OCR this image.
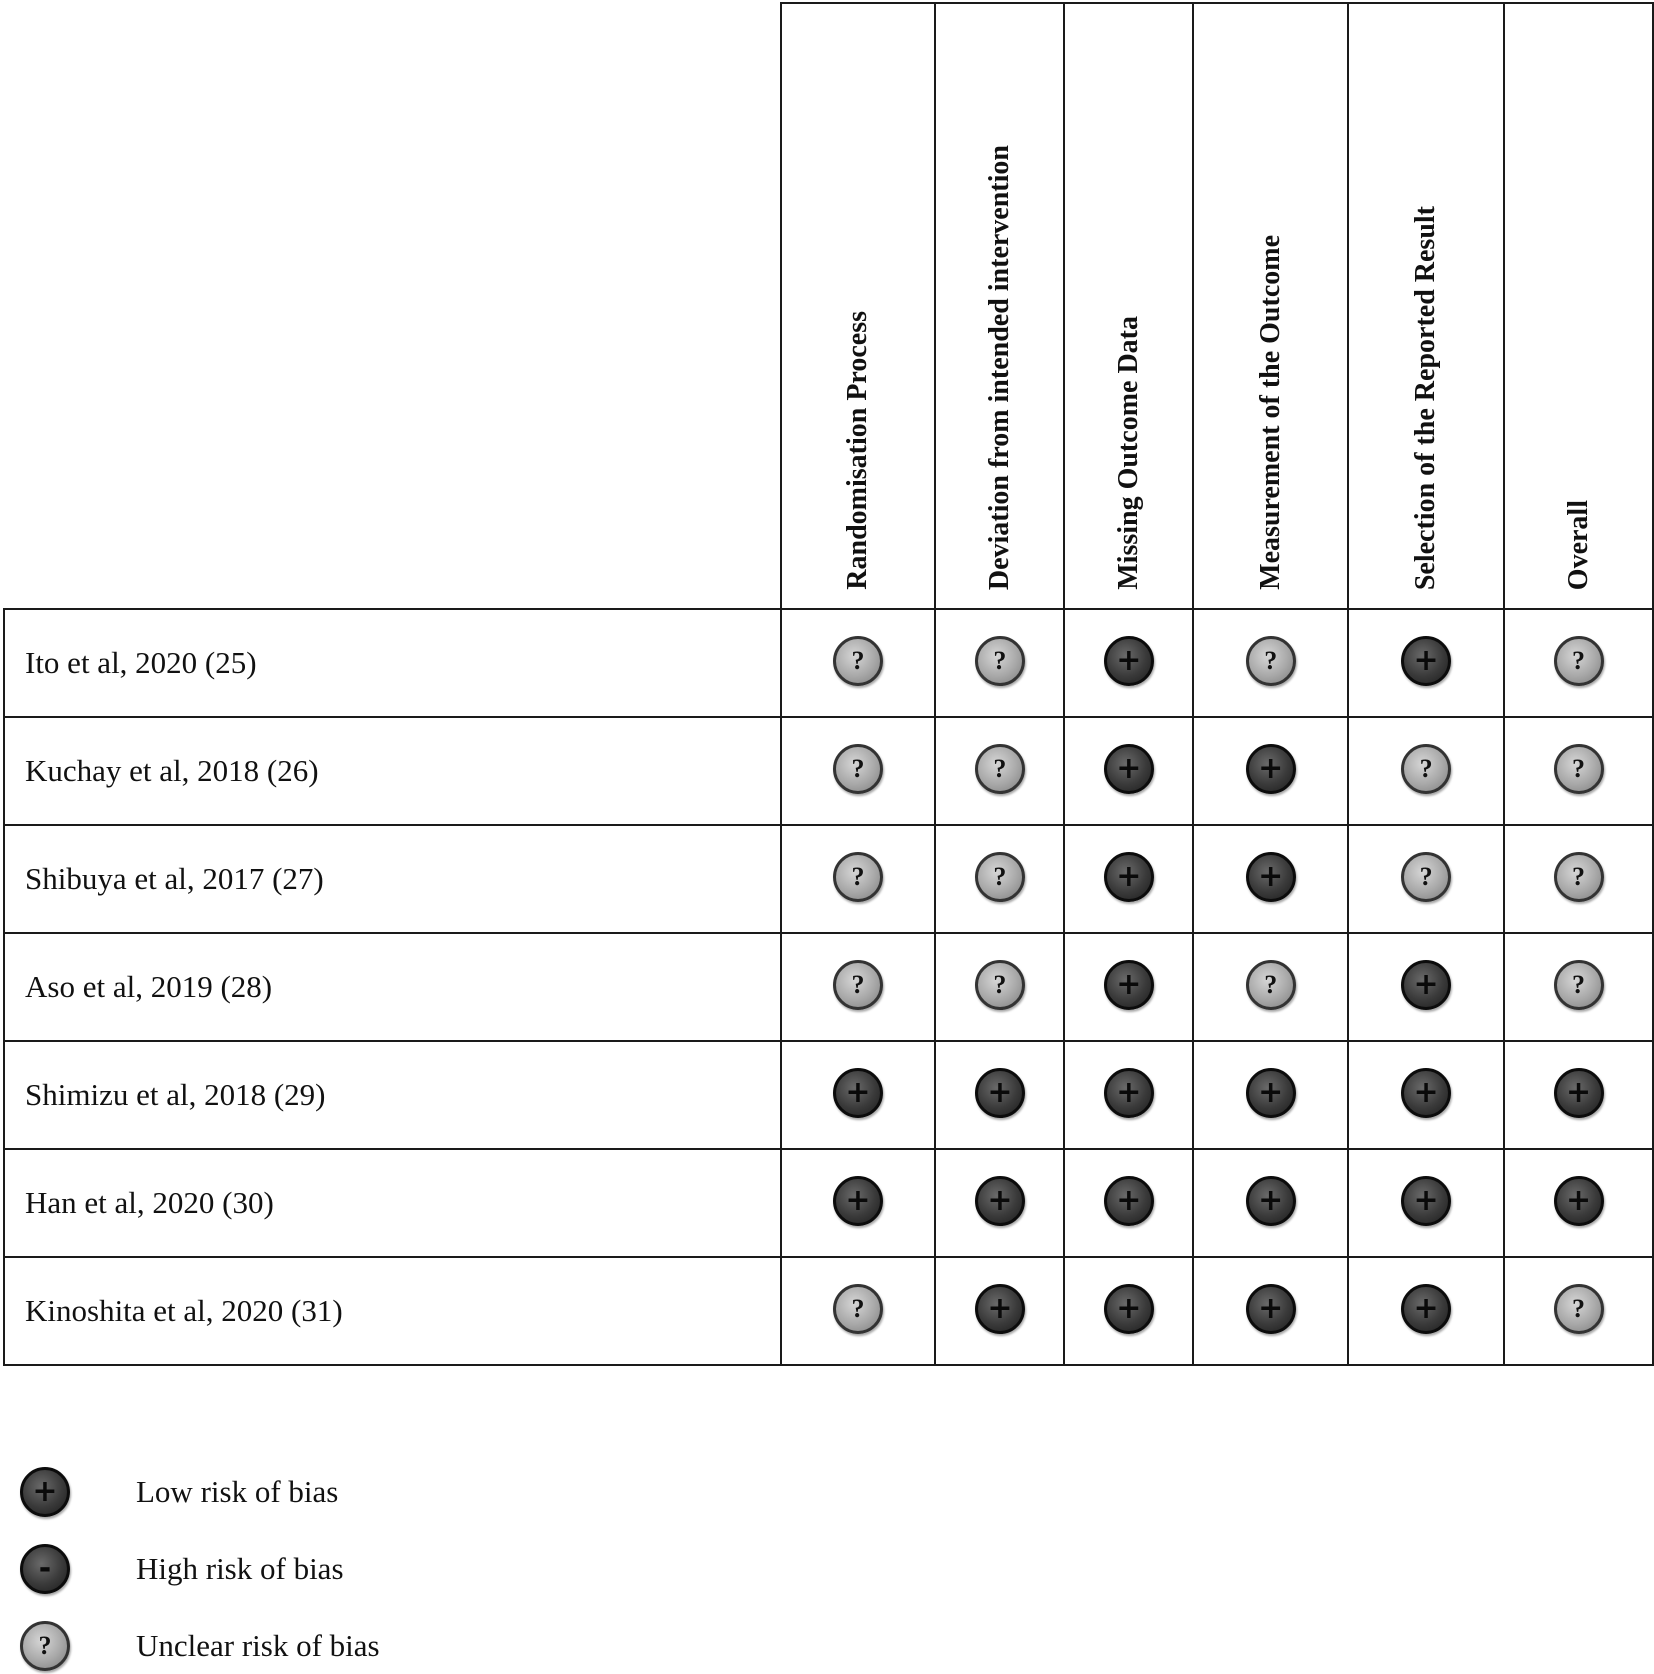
	Randomisation Process	Deviation from intended intervention	Missing Outcome Data	Measurement of the Outcome	Selection of the Reported Result	Overall

Ito et al, 2020 (25)	?	?	+	?	+	?

Kuchay et al, 2018 (26)	?	?	+	+	?	?

Shibuya et al, 2017 (27)	?	?	+	+	?	?

Aso et al, 2019 (28)	?	?	+	?	+	?

Shimizu et al, 2018 (29)	+	+	+	+	+	+

Han et al, 2020 (30)	+	+	+	+	+	+

Kinoshita et al, 2020 (31)	?	+	+	+	+	?
+	Low risk of bias
-	High risk of bias
?	Unclear risk of bias
